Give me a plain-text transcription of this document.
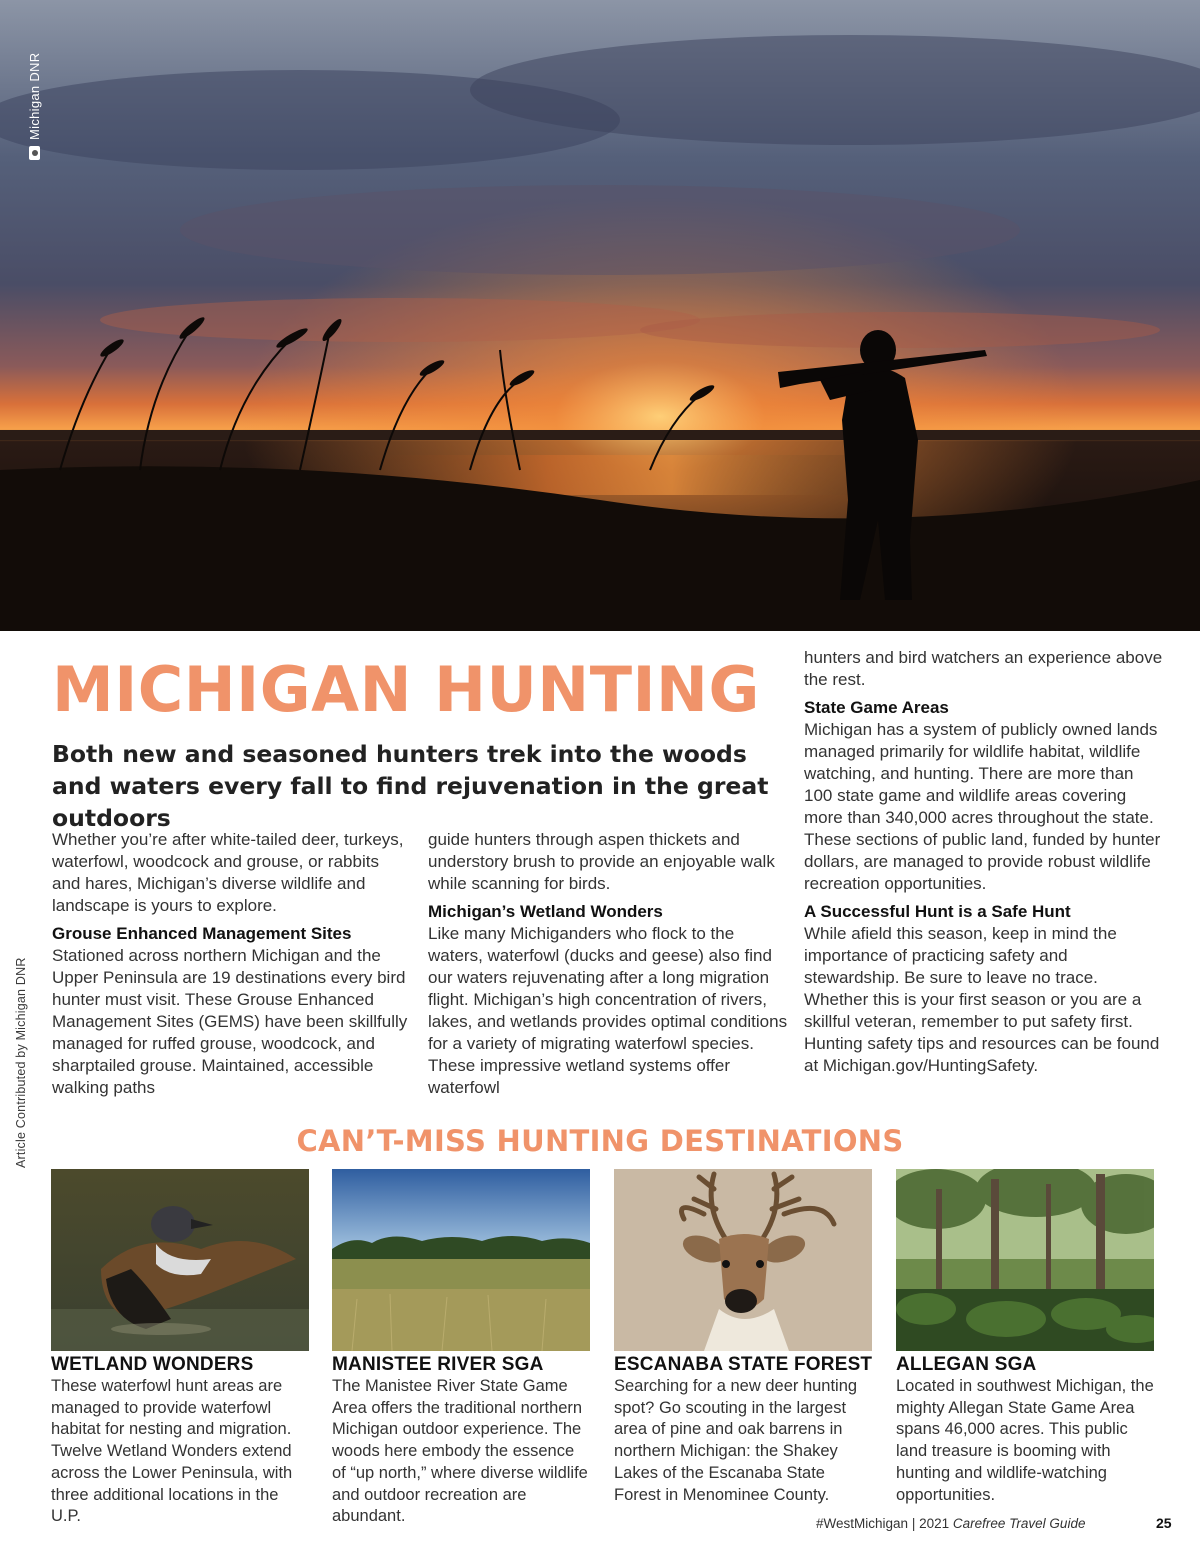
Michigan DNR
Article Contributed by Michigan DNR
MICHIGAN HUNTING
Both new and seasoned hunters trek into the woods and waters every fall to find rejuvenation in the great outdoors

Whether you’re after white-tailed deer, turkeys, waterfowl, woodcock and grouse, or rabbits and hares, Michigan’s diverse wildlife and landscape is yours to explore.

Grouse Enhanced Management Sites

Stationed across northern Michigan and the Upper Peninsula are 19 destinations every bird hunter must visit. These Grouse Enhanced Management Sites (GEMS) have been skillfully managed for ruffed grouse, woodcock, and sharptailed grouse. Maintained, accessible walking paths

guide hunters through aspen thickets and understory brush to provide an enjoyable walk while scanning for birds.

Michigan’s Wetland Wonders

Like many Michiganders who flock to the waters, waterfowl (ducks and geese) also find our waters rejuvenating after a long migration flight. Michigan’s high concentration of rivers, lakes, and wetlands provides optimal conditions for a variety of migrating waterfowl species. These impressive wetland systems offer waterfowl

hunters and bird watchers an experience above the rest.

State Game Areas

Michigan has a system of publicly owned lands managed primarily for wildlife habitat, wildlife watching, and hunting. There are more than 100 state game and wildlife areas covering more than 340,000 acres throughout the state. These sections of public land, funded by hunter dollars, are managed to provide robust wildlife recreation opportunities.

A Successful Hunt is a Safe Hunt

While afield this season, keep in mind the importance of practicing safety and stewardship. Be sure to leave no trace. Whether this is your first season or you are a skillful veteran, remember to put safety first. Hunting safety tips and resources can be found at Michigan.gov/HuntingSafety.

CAN’T-MISS HUNTING DESTINATIONS
WETLAND WONDERS

These waterfowl hunt areas are managed to provide waterfowl habitat for nesting and migration. Twelve Wetland Wonders extend across the Lower Peninsula, with three additional locations in the U.P.

MANISTEE RIVER SGA

The Manistee River State Game Area offers the traditional northern Michigan outdoor experience. The woods here embody the essence of “up north,” where diverse wildlife and outdoor recreation are abundant.

ESCANABA STATE FOREST

Searching for a new deer hunting spot? Go scouting in the largest area of pine and oak barrens in northern Michigan: the Shakey Lakes of the Escanaba State Forest in Menominee County.

ALLEGAN SGA

Located in southwest Michigan, the mighty Allegan State Game Area spans 46,000 acres. This public land treasure is booming with hunting and wildlife-watching opportunities.

#WestMichigan | 2021 Carefree Travel Guide	25
